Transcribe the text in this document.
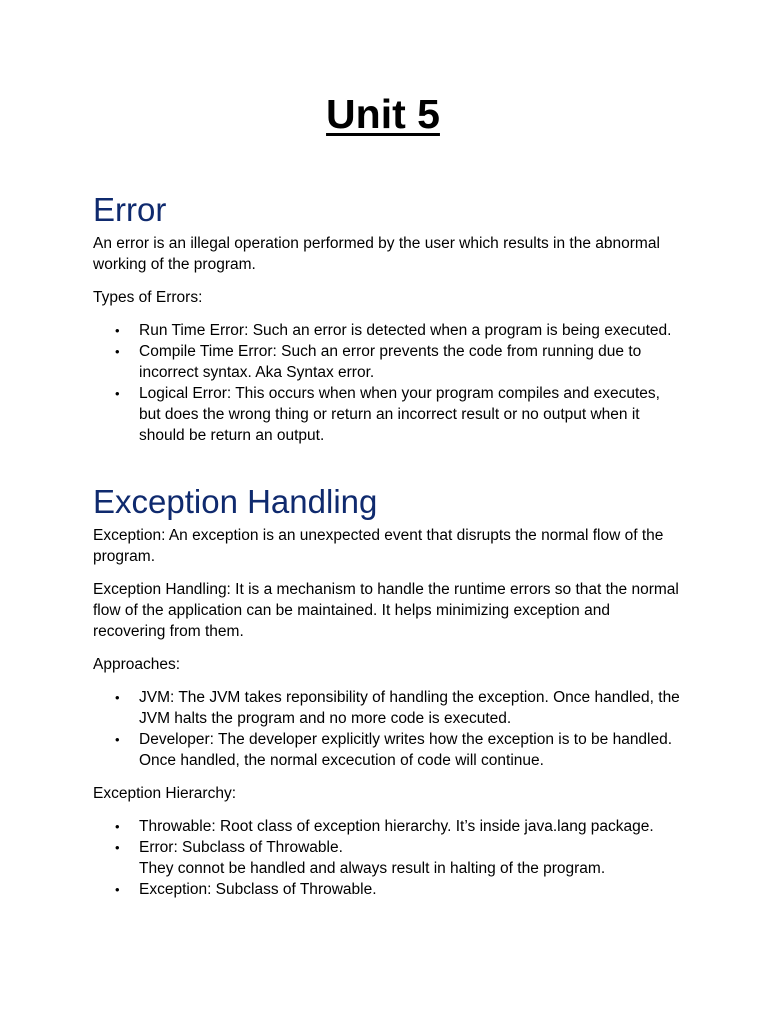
Unit 5
Error

An error is an illegal operation performed by the user which results in the abnormal working of the program.

Types of Errors:

• Run Time Error: Such an error is detected when a program is being executed.
• Compile Time Error: Such an error prevents the code from running due to incorrect syntax. Aka Syntax error.
• Logical Error: This occurs when when your program compiles and executes, but does the wrong thing or return an incorrect result or no output when it should be return an output.
Exception Handling

Exception: An exception is an unexpected event that disrupts the normal flow of the program.

Exception Handling: It is a mechanism to handle the runtime errors so that the normal flow of the application can be maintained. It helps minimizing exception and recovering from them.

Approaches:

• JVM: The JVM takes reponsibility of handling the exception. Once handled, the JVM halts the program and no more code is executed.
• Developer: The developer explicitly writes how the exception is to be handled. Once handled, the normal excecution of code will continue.

Exception Hierarchy:

• Throwable: Root class of exception hierarchy. It’s inside java.lang package.
• Error: Subclass of Throwable.
They connot be handled and always result in halting of the program.
• Exception: Subclass of Throwable.
